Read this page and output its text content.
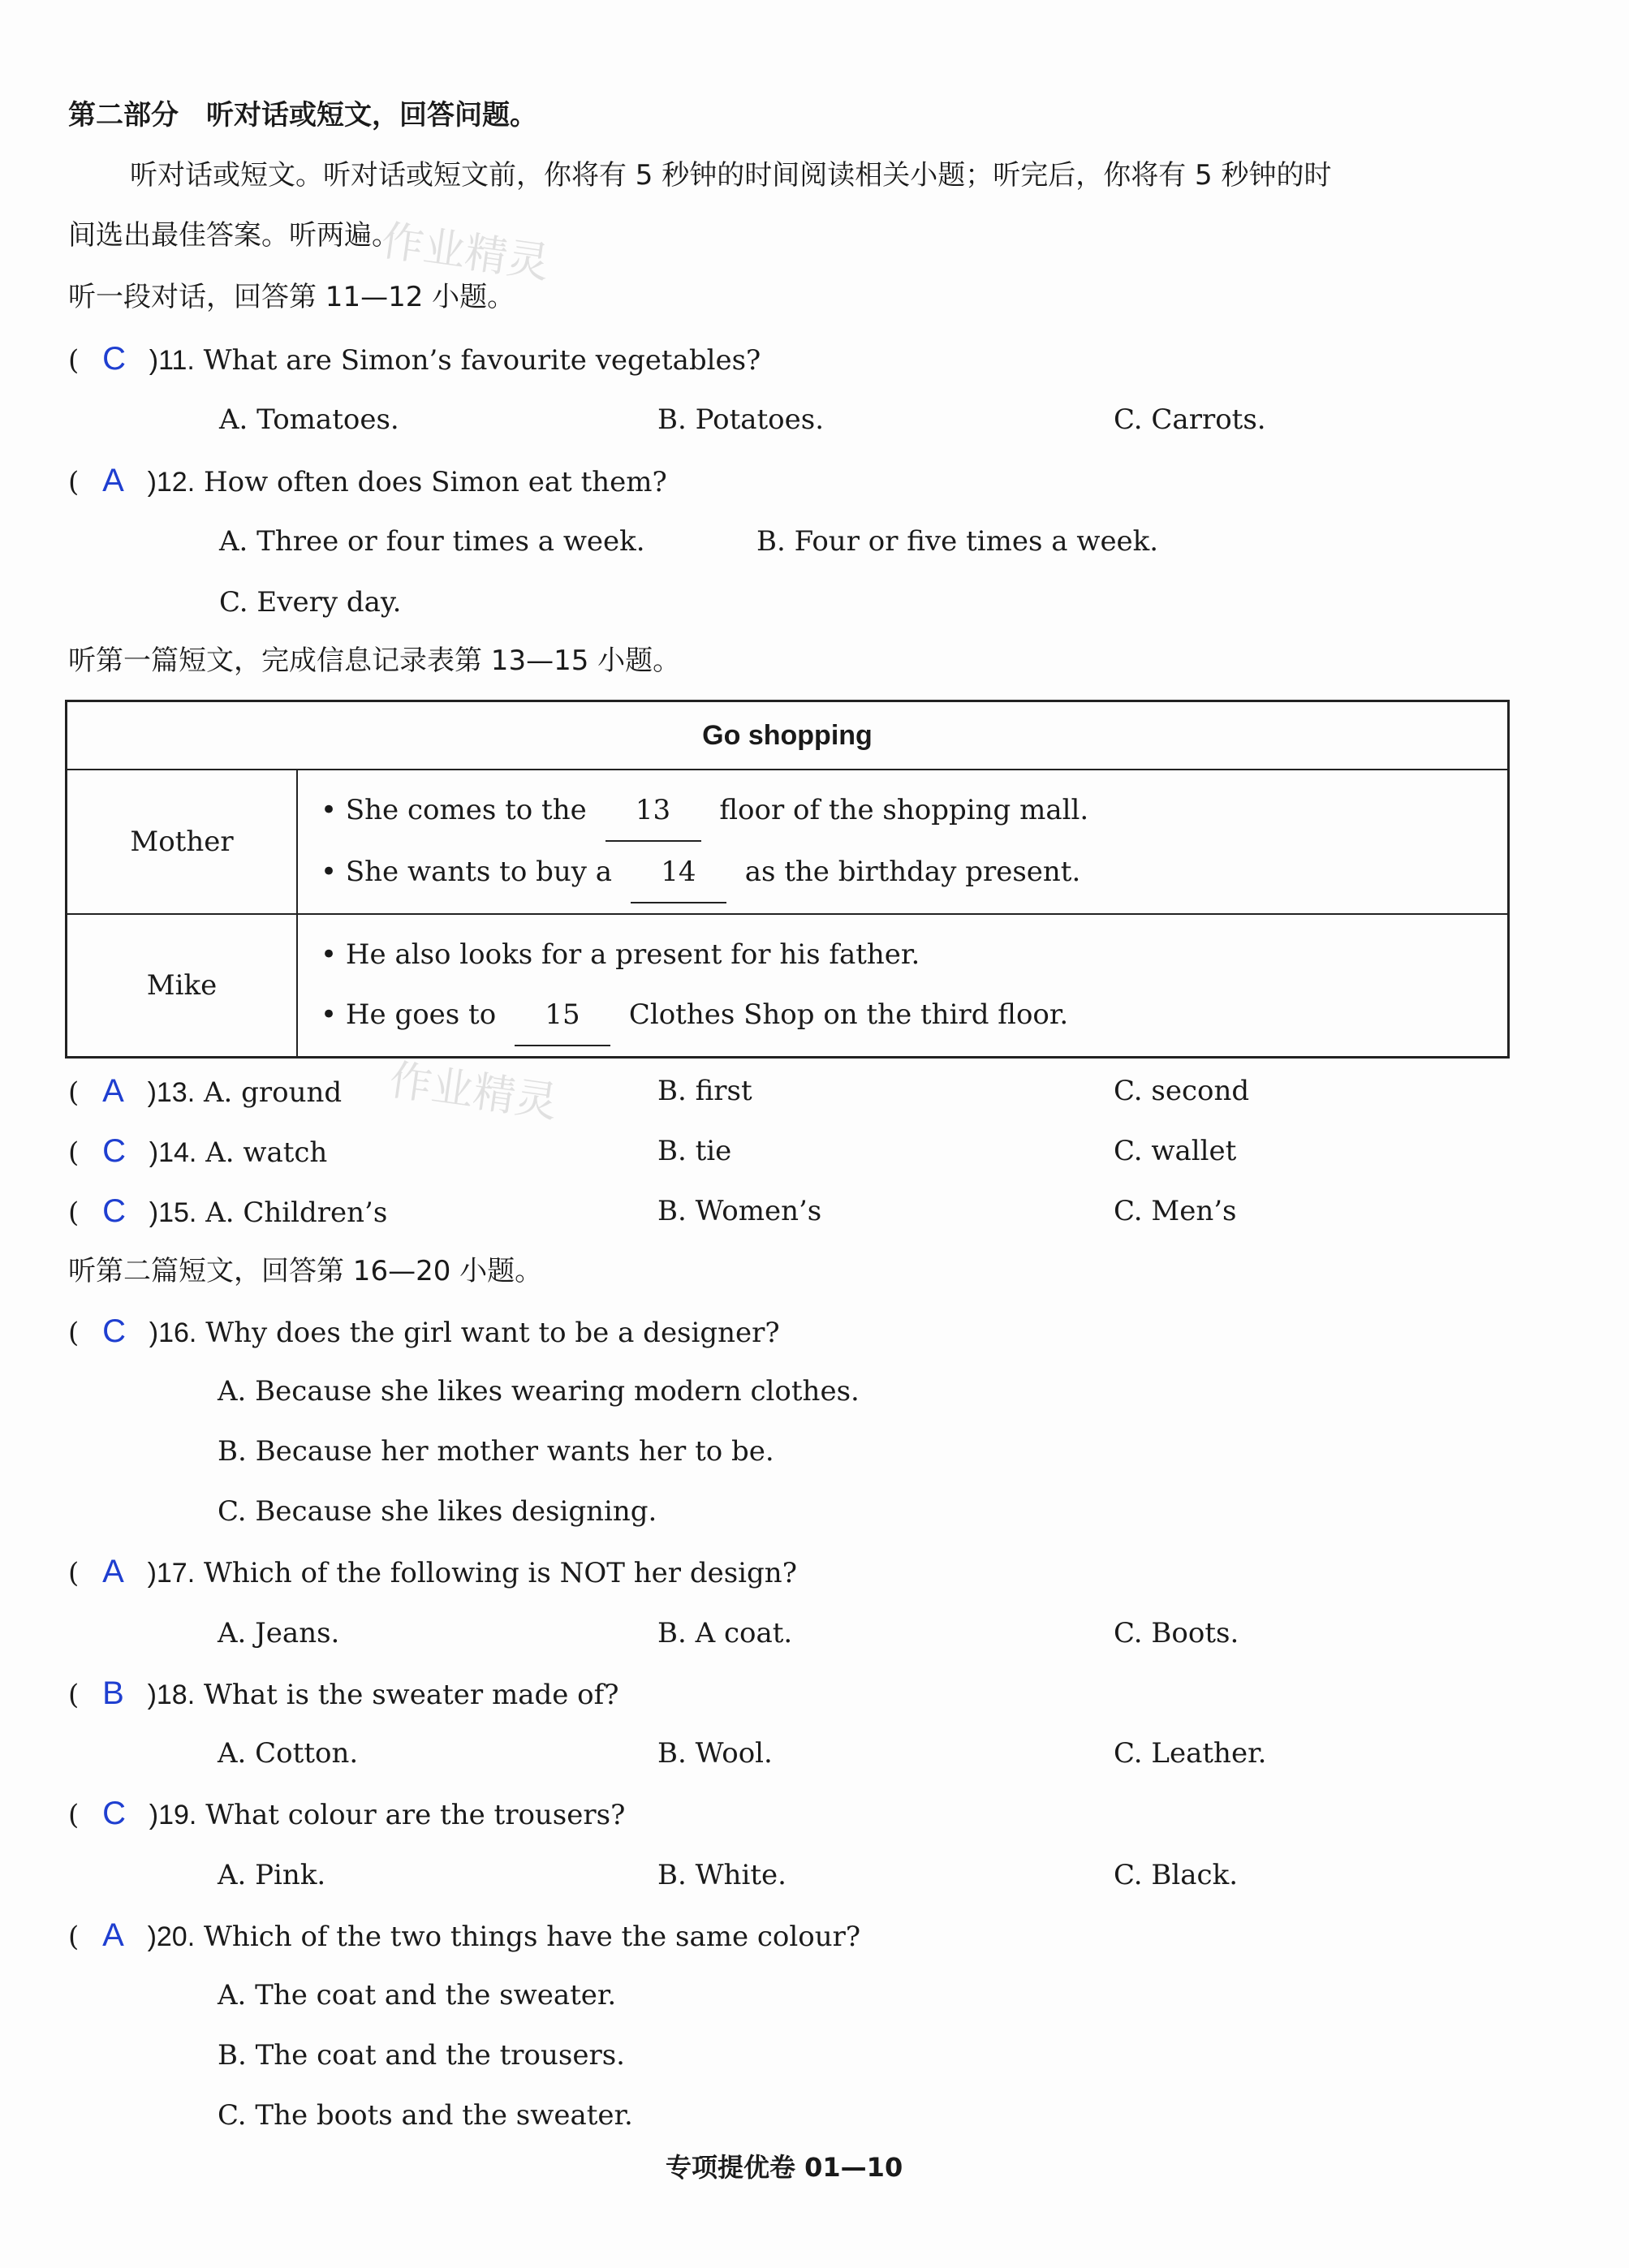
作业精灵
作业精灵
第二部分　听对话或短文，回答问题。
听对话或短文。听对话或短文前，你将有 5 秒钟的时间阅读相关小题；听完后，你将有 5 秒钟的时
间选出最佳答案。听两遍。
听一段对话，回答第 11—12 小题。
( C )11. What are Simon’s favourite vegetables?
A. Tomatoes.	B. Potatoes.	C. Carrots.
( A )12. How often does Simon eat them?
A. Three or four times a week.	B. Four or five times a week.
C. Every day.
听第一篇短文，完成信息记录表第 13—15 小题。
Go shopping	
Mother	• She comes to the 13 floor of the shopping mall.
• She wants to buy a 14 as the birthday present.

Mike	• He also looks for a present for his father.
• He goes to 15 Clothes Shop on the third floor.
( A )13. A. ground	B. first	C. second
( C )14. A. watch	B. tie	C. wallet
( C )15. A. Children’s	B. Women’s	C. Men’s
听第二篇短文，回答第 16—20 小题。
( C )16. Why does the girl want to be a designer?
A. Because she likes wearing modern clothes.
B. Because her mother wants her to be.
C. Because she likes designing.
( A )17. Which of the following is NOT her design?
A. Jeans.	B. A coat.	C. Boots.
( B )18. What is the sweater made of?
A. Cotton.	B. Wool.	C. Leather.
( C )19. What colour are the trousers?
A. Pink.	B. White.	C. Black.
( A )20. Which of the two things have the same colour?
A. The coat and the sweater.
B. The coat and the trousers.
C. The boots and the sweater.
专项提优卷 01—10
